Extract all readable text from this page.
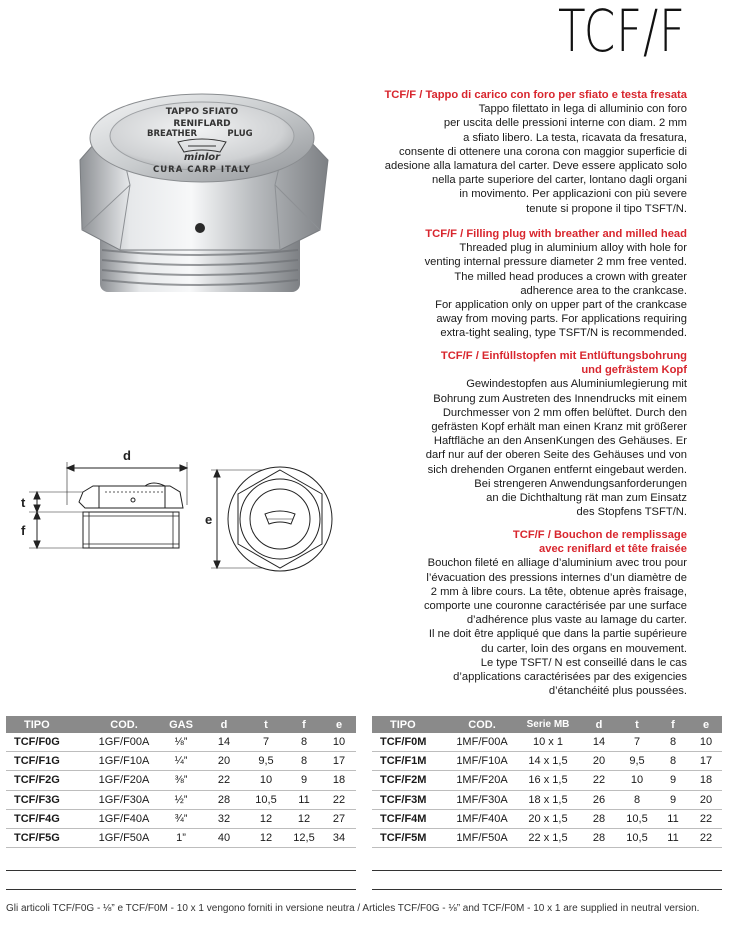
TCF/F
TAPPO SFIATO
RENIFLARD
BREATHER	PLUG
minlor
CURA CARP ITALY
d
t
f
e
TCF/F / Tappo di carico con foro per sfiato e testa fresata
Tappo filettato in lega di alluminio con foro
per uscita delle pressioni interne con diam. 2 mm
a sfiato libero. La testa, ricavata da fresatura,
consente di ottenere una corona con maggior superficie di
adesione alla lamatura del carter. Deve essere applicato solo
nella parte superiore del carter, lontano dagli organi
in movimento. Per applicazioni con più severe
tenute si propone il tipo TSFT/N.
TCF/F / Filling plug with breather and milled head
Threaded plug in aluminium alloy with hole for
venting internal pressure diameter 2 mm free vented.
The milled head produces a crown with greater
adherence area to the crankcase.
For application only on upper part of the crankcase
away from moving parts. For applications requiring
extra-tight sealing, type TSFT/N is recommended.
TCF/F / Einfüllstopfen mit Entlüftungsbohrung
und gefrästem Kopf
Gewindestopfen aus Aluminiumlegierung mit
Bohrung zum Austreten des Innendrucks mit einem
Durchmesser von 2 mm offen belüftet. Durch den
gefrästen Kopf erhält man einen Kranz mit größerer
Haftfläche an den AnsenKungen des Gehäuses. Er
darf nur auf der oberen Seite des Gehäuses und von
sich drehenden Organen entfernt eingebaut werden.
Bei strengeren Anwendungsanforderungen
an die Dichthaltung rät man zum Einsatz
des Stopfens TSFT/N.
TCF/F / Bouchon de remplissage
avec reniflard et tête fraisée
Bouchon fileté en alliage d’aluminium avec trou pour
l’évacuation des pressions internes d’un diamètre de
2 mm à libre cours. La tête, obtenue après fraisage,
comporte une couronne caractérisée par une surface
d’adhérence plus vaste au lamage du carter.
Il ne doit être appliqué que dans la partie supérieure
du carter, loin des organs en mouvement.
Le type TSFT/ N est conseillé dans le cas
d’applications caractérisées par des exigencies
d’étanchéité plus poussées.
TIPO	COD.	GAS	d	t	f	e
TCF/F0G	1GF/F00A	⅛”	14	7	8	10
TCF/F1G	1GF/F10A	¼”	20	9,5	8	17
TCF/F2G	1GF/F20A	⅜”	22	10	9	18
TCF/F3G	1GF/F30A	½”	28	10,5	11	22
TCF/F4G	1GF/F40A	¾”	32	12	12	27
TCF/F5G	1GF/F50A	1”	40	12	12,5	34
TIPO	COD.	Serie MB	d	t	f	e
TCF/F0M	1MF/F00A	10 x 1	14	7	8	10
TCF/F1M	1MF/F10A	14 x 1,5	20	9,5	8	17
TCF/F2M	1MF/F20A	16 x 1,5	22	10	9	18
TCF/F3M	1MF/F30A	18 x 1,5	26	8	9	20
TCF/F4M	1MF/F40A	20 x 1,5	28	10,5	11	22
TCF/F5M	1MF/F50A	22 x 1,5	28	10,5	11	22
Gli articoli TCF/F0G - ⅛” e TCF/F0M - 10 x 1 vengono forniti in versione neutra / Articles TCF/F0G - ⅛” and TCF/F0M - 10 x 1 are supplied in neutral version.
